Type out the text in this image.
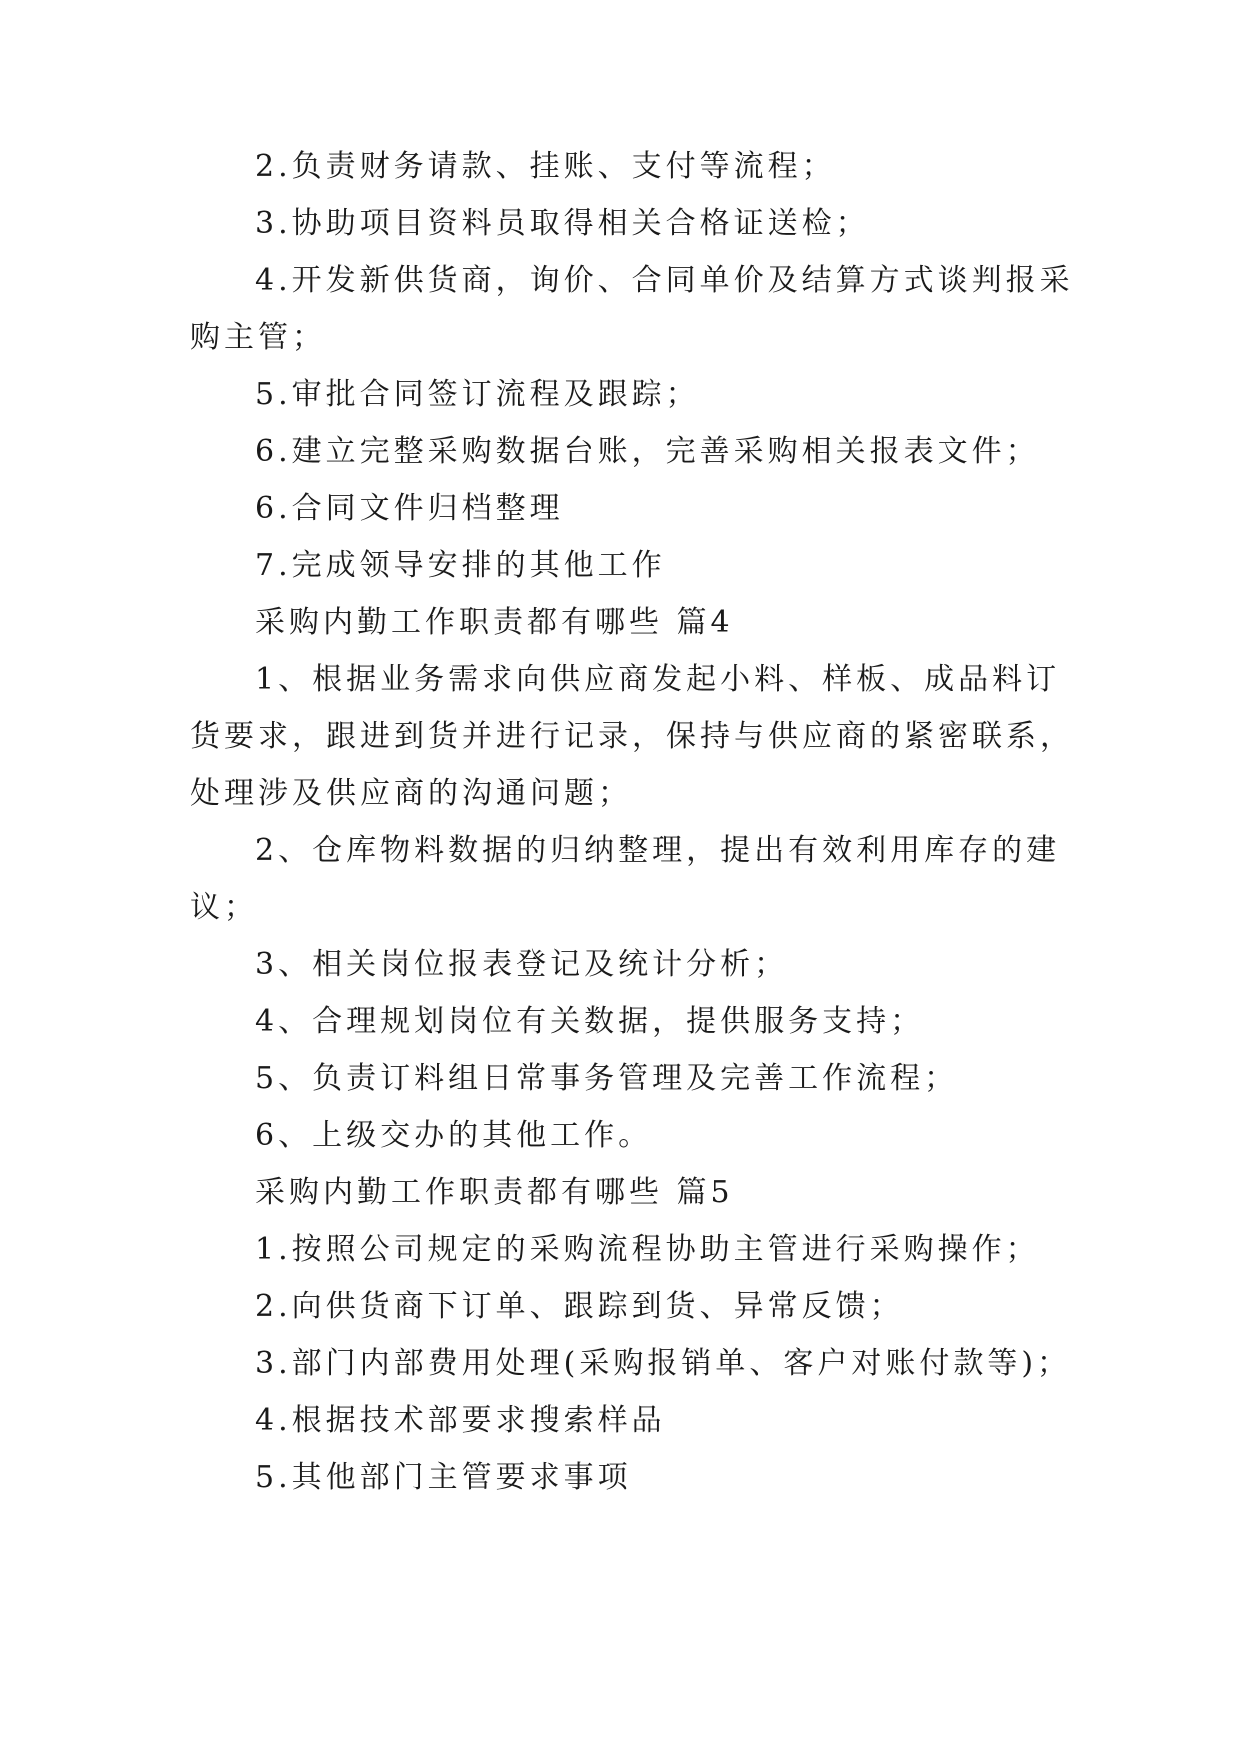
2.负责财务请款、挂账、支付等流程；
3.协助项目资料员取得相关合格证送检；
4.开发新供货商，询价、合同单价及结算方式谈判报采
购主管；
5.审批合同签订流程及跟踪；
6.建立完整采购数据台账，完善采购相关报表文件；
6.合同文件归档整理
7.完成领导安排的其他工作
采购内勤工作职责都有哪些 篇4
1、根据业务需求向供应商发起小料、样板、成品料订
货要求，跟进到货并进行记录，保持与供应商的紧密联系，
处理涉及供应商的沟通问题；
2、仓库物料数据的归纳整理，提出有效利用库存的建
议；
3、相关岗位报表登记及统计分析；
4、合理规划岗位有关数据，提供服务支持；
5、负责订料组日常事务管理及完善工作流程；
6、上级交办的其他工作。
采购内勤工作职责都有哪些 篇5
1.按照公司规定的采购流程协助主管进行采购操作；
2.向供货商下订单、跟踪到货、异常反馈；
3.部门内部费用处理(采购报销单、客户对账付款等)；
4.根据技术部要求搜索样品
5.其他部门主管要求事项
